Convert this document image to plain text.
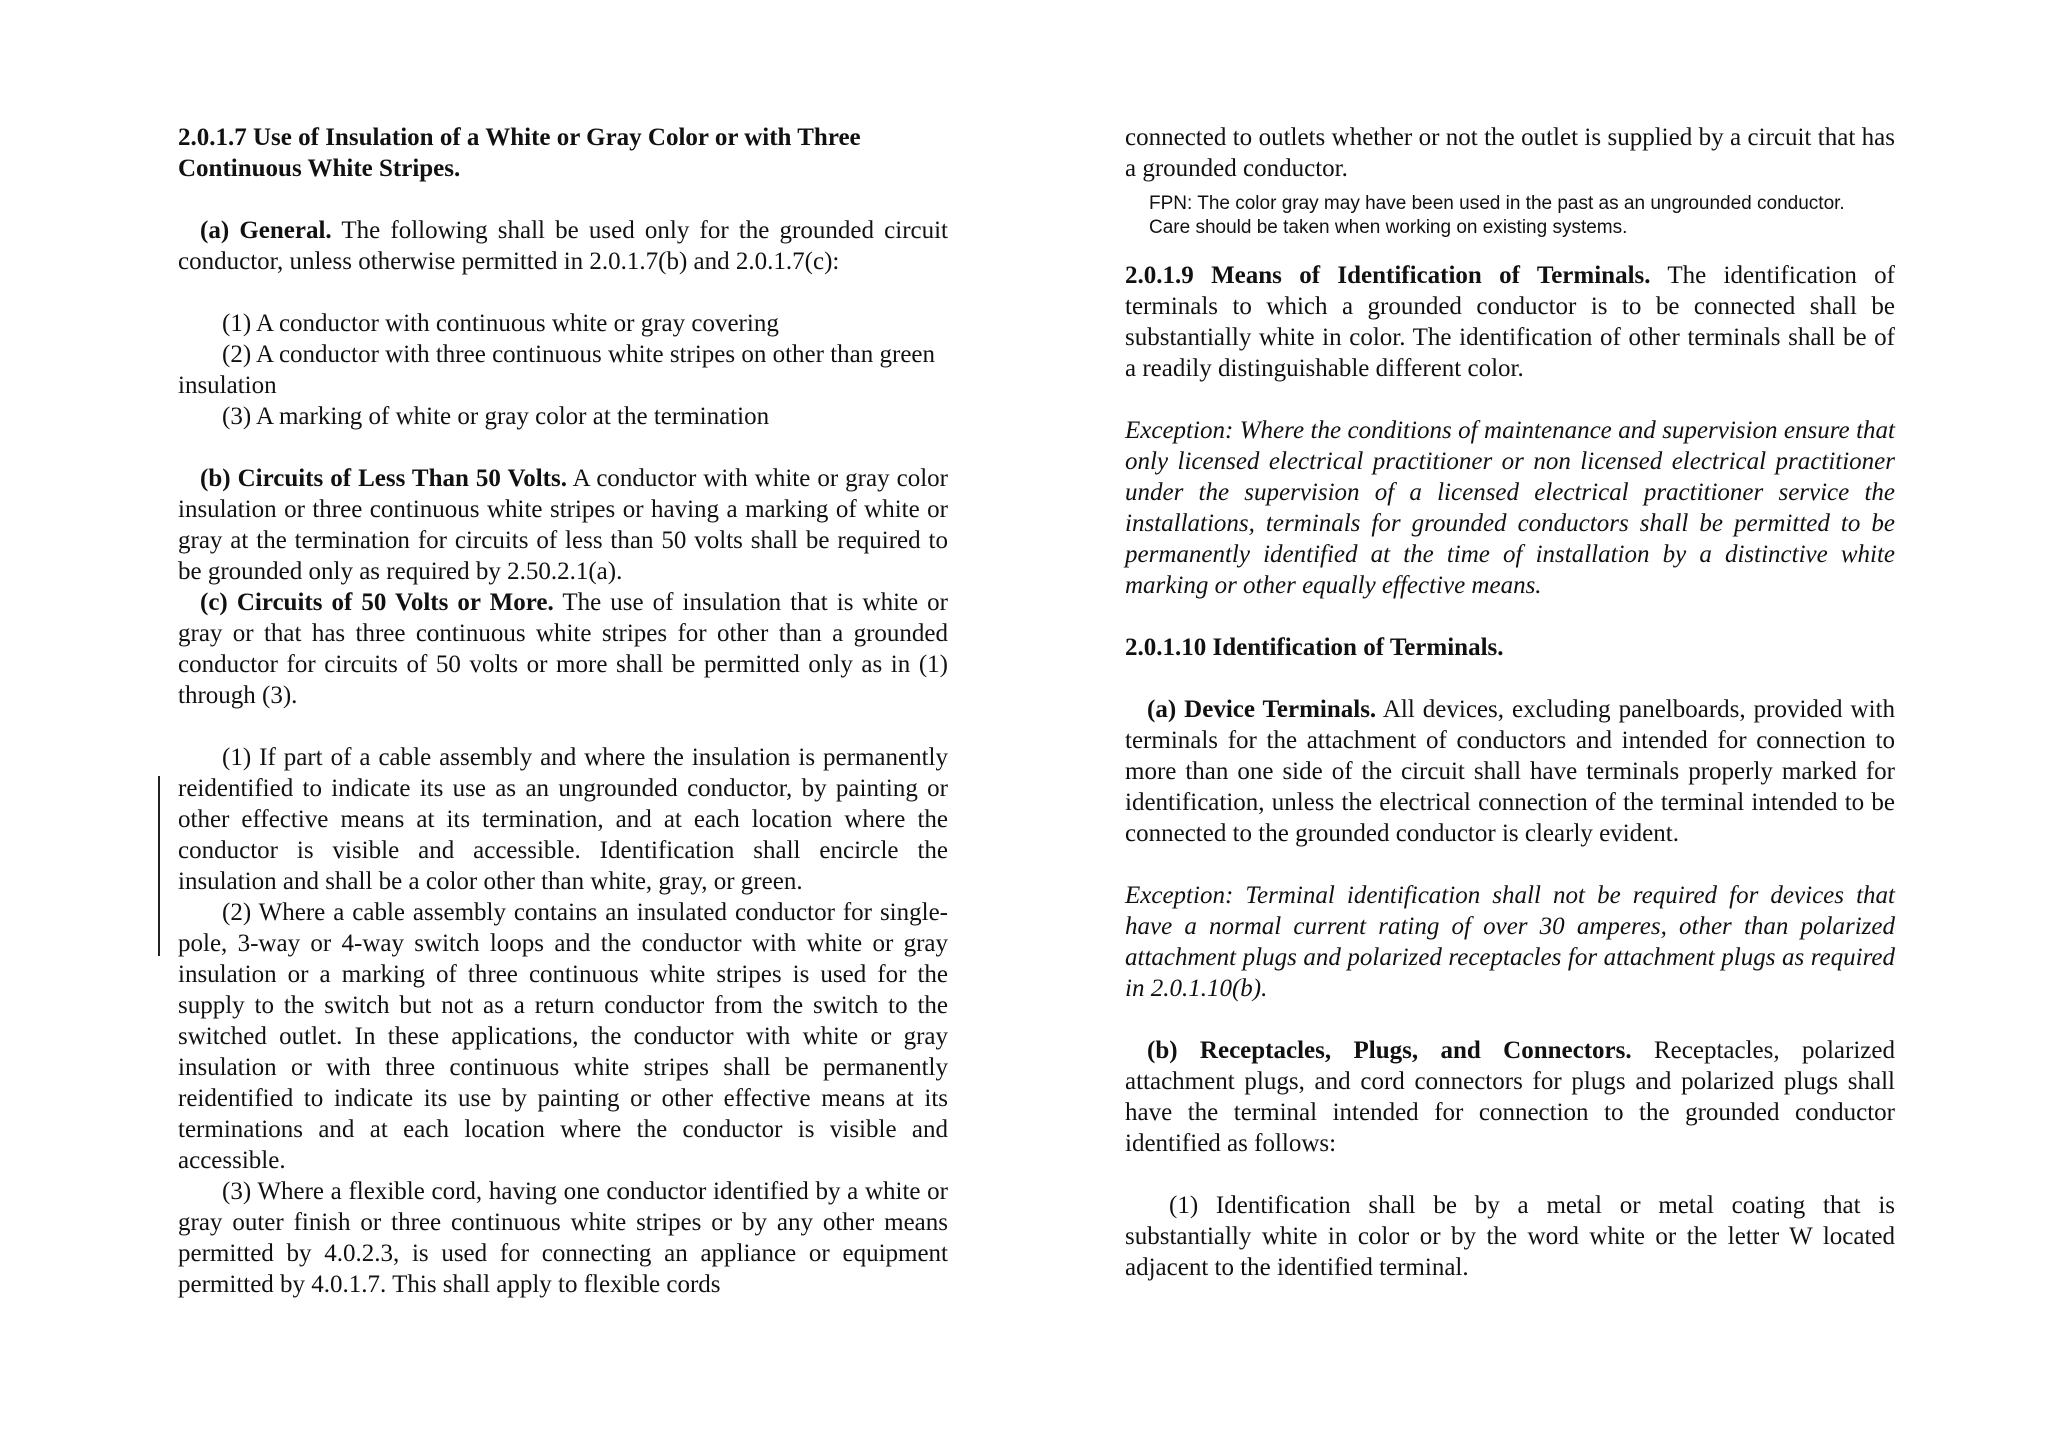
2.0.1.7 Use of Insulation of a White or Gray Color or with Three Continuous White Stripes.

(a) General. The following shall be used only for the grounded circuit conductor, unless otherwise permitted in 2.0.1.7(b) and 2.0.1.7(c):

(1) A conductor with continuous white or gray covering

(2) A conductor with three continuous white stripes on other than green insulation

(3) A marking of white or gray color at the termination

(b) Circuits of Less Than 50 Volts. A conductor with white or gray color insulation or three continuous white stripes or having a marking of white or gray at the termination for circuits of less than 50 volts shall be required to be grounded only as required by 2.50.2.1(a).

(c) Circuits of 50 Volts or More. The use of insulation that is white or gray or that has three continuous white stripes for other than a grounded conductor for circuits of 50 volts or more shall be permitted only as in (1) through (3).

(1) If part of a cable assembly and where the insulation is permanently reidentified to indicate its use as an ungrounded conductor, by painting or other effective means at its termination, and at each location where the conductor is visible and accessible. Identification shall encircle the insulation and shall be a color other than white, gray, or green.

(2) Where a cable assembly contains an insulated conductor for single-pole, 3-way or 4-way switch loops and the conductor with white or gray insulation or a marking of three continuous white stripes is used for the supply to the switch but not as a return conductor from the switch to the switched outlet. In these applications, the conductor with white or gray insulation or with three continuous white stripes shall be permanently reidentified to indicate its use by painting or other effective means at its terminations and at each location where the conductor is visible and accessible.

(3) Where a flexible cord, having one conductor identified by a white or gray outer finish or three continuous white stripes or by any other means permitted by 4.0.2.3, is used for connecting an appliance or equipment permitted by 4.0.1.7. This shall apply to flexible cords

connected to outlets whether or not the outlet is supplied by a circuit that has a grounded conductor.

FPN: The color gray may have been used in the past as an ungrounded conductor.
Care should be taken when working on existing systems.

2.0.1.9 Means of Identification of Terminals. The identification of terminals to which a grounded conductor is to be connected shall be substantially white in color. The identification of other terminals shall be of a readily distinguishable different color.

Exception: Where the conditions of maintenance and supervision ensure that only licensed electrical practitioner or non licensed electrical practitioner under the supervision of a licensed electrical practitioner service the installations, terminals for grounded conductors shall be permitted to be permanently identified at the time of installation by a distinctive white marking or other equally effective means.

2.0.1.10 Identification of Terminals.

(a) Device Terminals. All devices, excluding panelboards, provided with terminals for the attachment of conductors and intended for connection to more than one side of the circuit shall have terminals properly marked for identification, unless the electrical connection of the terminal intended to be connected to the grounded conductor is clearly evident.

Exception: Terminal identification shall not be required for devices that have a normal current rating of over 30 amperes, other than polarized attachment plugs and polarized receptacles for attachment plugs as required in 2.0.1.10(b).

(b) Receptacles, Plugs, and Connectors. Receptacles, polarized attachment plugs, and cord connectors for plugs and polarized plugs shall have the terminal intended for connection to the grounded conductor identified as follows:

(1) Identification shall be by a metal or metal coating that is substantially white in color or by the word white or the letter W located adjacent to the identified terminal.
